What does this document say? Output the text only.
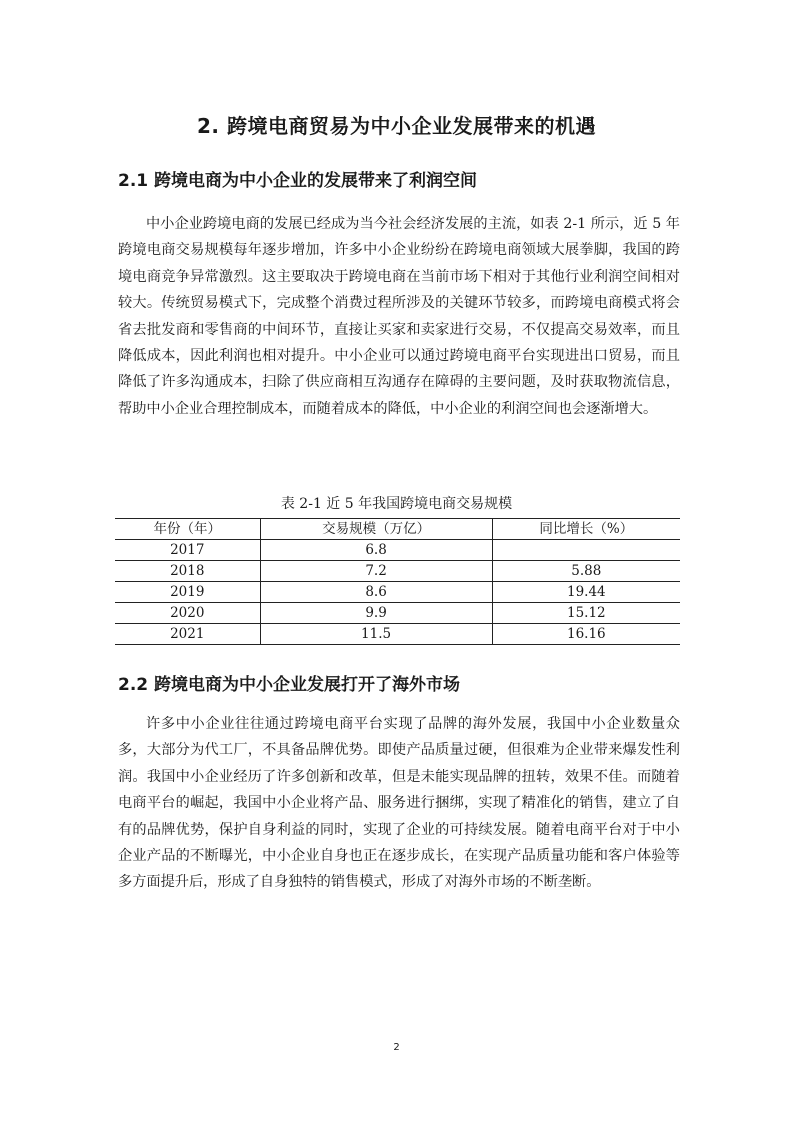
2. 跨境电商贸易为中小企业发展带来的机遇
2.1 跨境电商为中小企业的发展带来了利润空间

中小企业跨境电商的发展已经成为当今社会经济发展的主流，如表 2-1 所示，近 5 年跨境电商交易规模每年逐步增加，许多中小企业纷纷在跨境电商领域大展拳脚，我国的跨境电商竞争异常激烈。这主要取决于跨境电商在当前市场下相对于其他行业利润空间相对较大。传统贸易模式下，完成整个消费过程所涉及的关键环节较多，而跨境电商模式将会省去批发商和零售商的中间环节，直接让买家和卖家进行交易，不仅提高交易效率，而且降低成本，因此利润也相对提升。中小企业可以通过跨境电商平台实现进出口贸易，而且降低了许多沟通成本，扫除了供应商相互沟通存在障碍的主要问题，及时获取物流信息，帮助中小企业合理控制成本，而随着成本的降低，中小企业的利润空间也会逐渐增大。

表 2-1 近 5 年我国跨境电商交易规模
年份（年）	交易规模（万亿）	同比增长（%）
2017	6.8	
2018	7.2	5.88
2019	8.6	19.44
2020	9.9	15.12
2021	11.5	16.16
2.2 跨境电商为中小企业发展打开了海外市场

许多中小企业往往通过跨境电商平台实现了品牌的海外发展，我国中小企业数量众多，大部分为代工厂，不具备品牌优势。即使产品质量过硬，但很难为企业带来爆发性利润。我国中小企业经历了许多创新和改革，但是未能实现品牌的扭转，效果不佳。而随着电商平台的崛起，我国中小企业将产品、服务进行捆绑，实现了精准化的销售，建立了自有的品牌优势，保护自身利益的同时，实现了企业的可持续发展。随着电商平台对于中小企业产品的不断曝光，中小企业自身也正在逐步成长，在实现产品质量功能和客户体验等多方面提升后，形成了自身独特的销售模式，形成了对海外市场的不断垄断。

2
